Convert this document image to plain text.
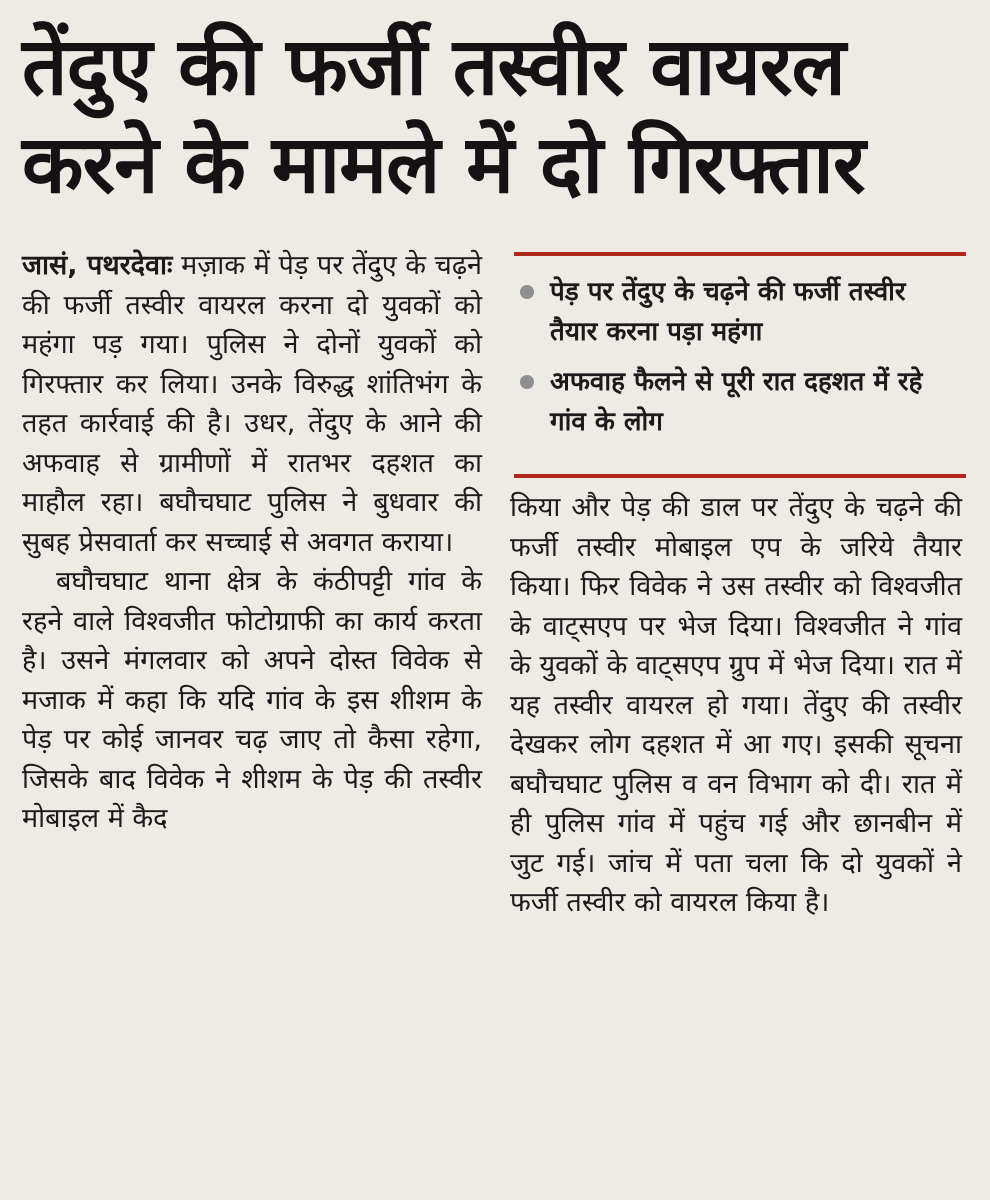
तेंदुए की फर्जी तस्वीर वायरल
करने के मामले में दो गिरफ्तार

जासं, पथरदेवाः मज़ाक में पेड़ पर तेंदुए के चढ़ने की फर्जी तस्वीर वायरल करना दो युवकों को महंगा पड़ गया। पुलिस ने दोनों युवकों को गिरफ्तार कर लिया। उनके विरुद्ध शांतिभंग के तहत कार्रवाई की है। उधर, तेंदुए के आने की अफवाह से ग्रामीणों में रातभर दहशत का माहौल रहा। बघौचघाट पुलिस ने बुधवार की सुबह प्रेसवार्ता कर सच्चाई से अवगत कराया।

बघौचघाट थाना क्षेत्र के कंठीपट्टी गांव के रहने वाले विश्वजीत फोटोग्राफी का कार्य करता है। उसने मंगलवार को अपने दोस्त विवेक से मजाक में कहा कि यदि गांव के इस शीशम के पेड़ पर कोई जानवर चढ़ जाए तो कैसा रहेगा, जिसके बाद विवेक ने शीशम के पेड़ की तस्वीर मोबाइल में कैद

पेड़ पर तेंदुए के चढ़ने की फर्जी तस्वीर तैयार करना पड़ा महंगा
अफवाह फैलने से पूरी रात दहशत में रहे गांव के लोग

किया और पेड़ की डाल पर तेंदुए के चढ़ने की फर्जी तस्वीर मोबाइल एप के जरिये तैयार किया। फिर विवेक ने उस तस्वीर को विश्वजीत के वाट्सएप पर भेज दिया। विश्वजीत ने गांव के युवकों के वाट्सएप ग्रुप में भेज दिया। रात में यह तस्वीर वायरल हो गया। तेंदुए की तस्वीर देखकर लोग दहशत में आ गए। इसकी सूचना बघौचघाट पुलिस व वन विभाग को दी। रात में ही पुलिस गांव में पहुंच गई और छानबीन में जुट गई। जांच में पता चला कि दो युवकों ने फर्जी तस्वीर को वायरल किया है।
